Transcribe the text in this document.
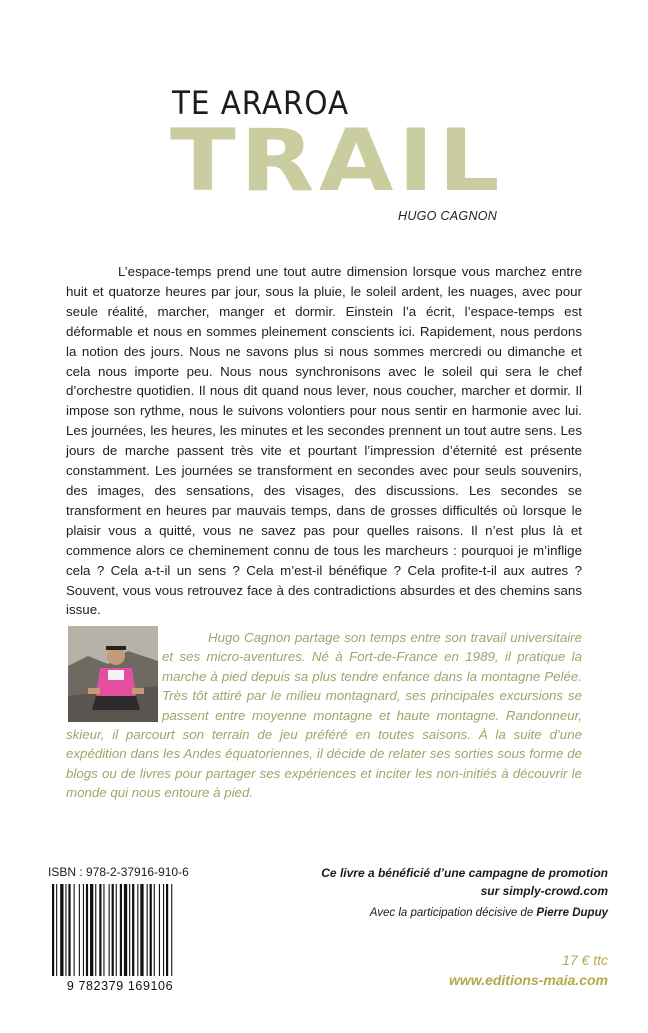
TE ARAROA
TRAIL
HUGO CAGNON

L’espace-temps prend une tout autre dimension lorsque vous marchez entre huit et quatorze heures par jour, sous la pluie, le soleil ardent, les nuages, avec pour seule réalité, marcher, manger et dormir. Einstein l’a écrit, l’espace-temps est déformable et nous en sommes pleinement conscients ici. Rapidement, nous perdons la notion des jours. Nous ne savons plus si nous sommes mercredi ou dimanche et cela nous importe peu. Nous nous synchronisons avec le soleil qui sera le chef d’orchestre quotidien. Il nous dit quand nous lever, nous coucher, marcher et dormir. Il impose son rythme, nous le suivons volontiers pour nous sentir en harmonie avec lui. Les journées, les heures, les minutes et les secondes prennent un tout autre sens. Les jours de marche passent très vite et pourtant l’impression d’éternité est présente constamment. Les journées se transforment en secondes avec pour seuls souvenirs, des images, des sensations, des visages, des discussions. Les secondes se transforment en heures par mauvais temps, dans de grosses difficultés où lorsque le plaisir vous a quitté, vous ne savez pas pour quelles raisons. Il n’est plus là et commence alors ce cheminement connu de tous les marcheurs : pourquoi je m’inflige cela ? Cela a-t-il un sens ? Cela m’est-il bénéfique ? Cela profite-t-il aux autres ? Souvent, vous vous retrouvez face à des contradictions absurdes et des chemins sans issue.

Hugo Cagnon partage son temps entre son travail universitaire et ses micro-aventures. Né à Fort-de-France en 1989, il pratique la marche à pied depuis sa plus tendre enfance dans la montagne Pelée. Très tôt attiré par le milieu montagnard, ses principales excursions se passent entre moyenne montagne et haute montagne. Randonneur, skieur, il parcourt son terrain de jeu préféré en toutes saisons. À la suite d’une expédition dans les Andes équatoriennes, il décide de relater ses sorties sous forme de blogs ou de livres pour partager ses expériences et inciter les non-initiés à découvrir le monde qui nous entoure à pied.

ISBN : 978-2-37916-910-6
9 782379 169106
Ce livre a bénéficié d’une campagne de promotion
sur simply-crowd.com
Avec la participation décisive de Pierre Dupuy
17 € ttc
www.editions-maia.com
